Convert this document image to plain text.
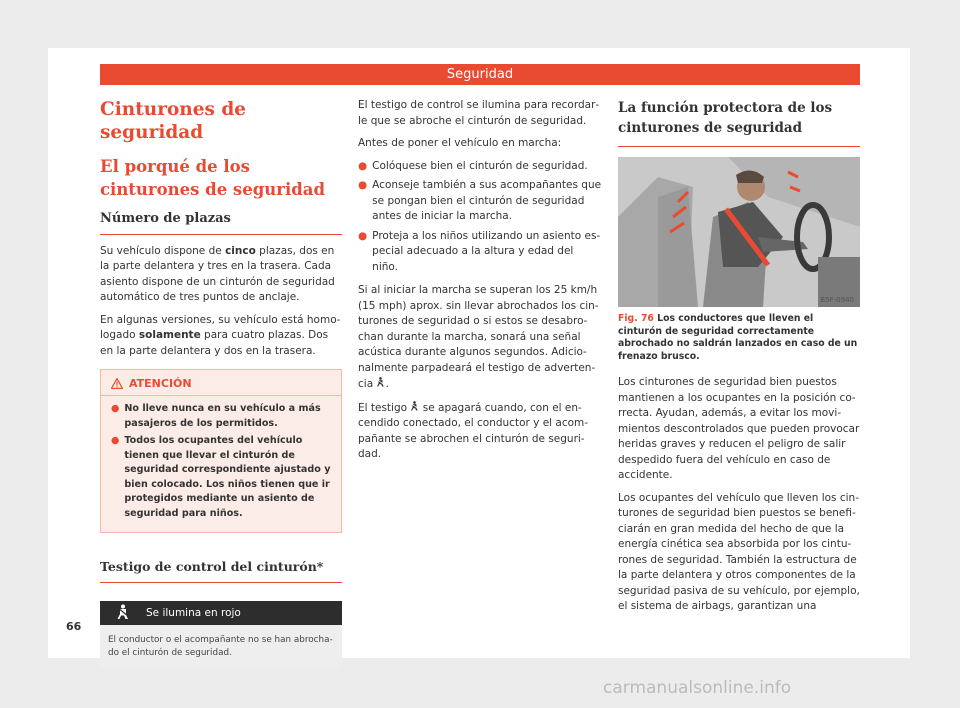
Seguridad
Cinturones de seguridad
El porqué de los cinturones de seguridad
Número de plazas

Su vehículo dispone de cinco plazas, dos en la parte delantera y tres en la trasera. Cada asiento dispone de un cinturón de seguridad automático de tres puntos de anclaje.

En algunas versiones, su vehículo está homologado solamente para cuatro plazas. Dos en la parte delantera y dos en la trasera.

ATENCIÓN
● No lleve nunca en su vehículo a más pasajeros de los permitidos.
● Todos los ocupantes del vehículo tienen que llevar el cinturón de seguridad correspondiente ajustado y bien colocado. Los niños tienen que ir protegidos mediante un asiento de seguridad para niños.
Testigo de control del cinturón*
Se ilumina en rojo
El conductor o el acompañante no se han abrochado el cinturón de seguridad.

El testigo de control se ilumina para recordarle que se abroche el cinturón de seguridad.

Antes de poner el vehículo en marcha:

● Colóquese bien el cinturón de seguridad.
● Aconseje también a sus acompañantes que se pongan bien el cinturón de seguridad antes de iniciar la marcha.
● Proteja a los niños utilizando un asiento especial adecuado a la altura y edad del niño.

Si al iniciar la marcha se superan los 25 km/h (15 mph) aprox. sin llevar abrochados los cinturones de seguridad o si estos se desabrochan durante la marcha, sonará una señal acústica durante algunos segundos. Adicionalmente parpadeará el testigo de advertencia .

El testigo  se apagará cuando, con el encendido conectado, el conductor y el acompañante se abrochen el cinturón de seguridad.

La función protectora de los cinturones de seguridad
B5F-0940
Fig. 76 Los conductores que lleven el cinturón de seguridad correctamente abrochado no saldrán lanzados en caso de un frenazo brusco.

Los cinturones de seguridad bien puestos mantienen a los ocupantes en la posición correcta. Ayudan, además, a evitar los movimientos descontrolados que pueden provocar heridas graves y reducen el peligro de salir despedido fuera del vehículo en caso de accidente.

Los ocupantes del vehículo que lleven los cinturones de seguridad bien puestos se beneficiarán en gran medida del hecho de que la energía cinética sea absorbida por los cinturones de seguridad. También la estructura de la parte delantera y otros componentes de la seguridad pasiva de su vehículo, por ejemplo, el sistema de airbags, garantizan una

66
carmanualsonline.info
